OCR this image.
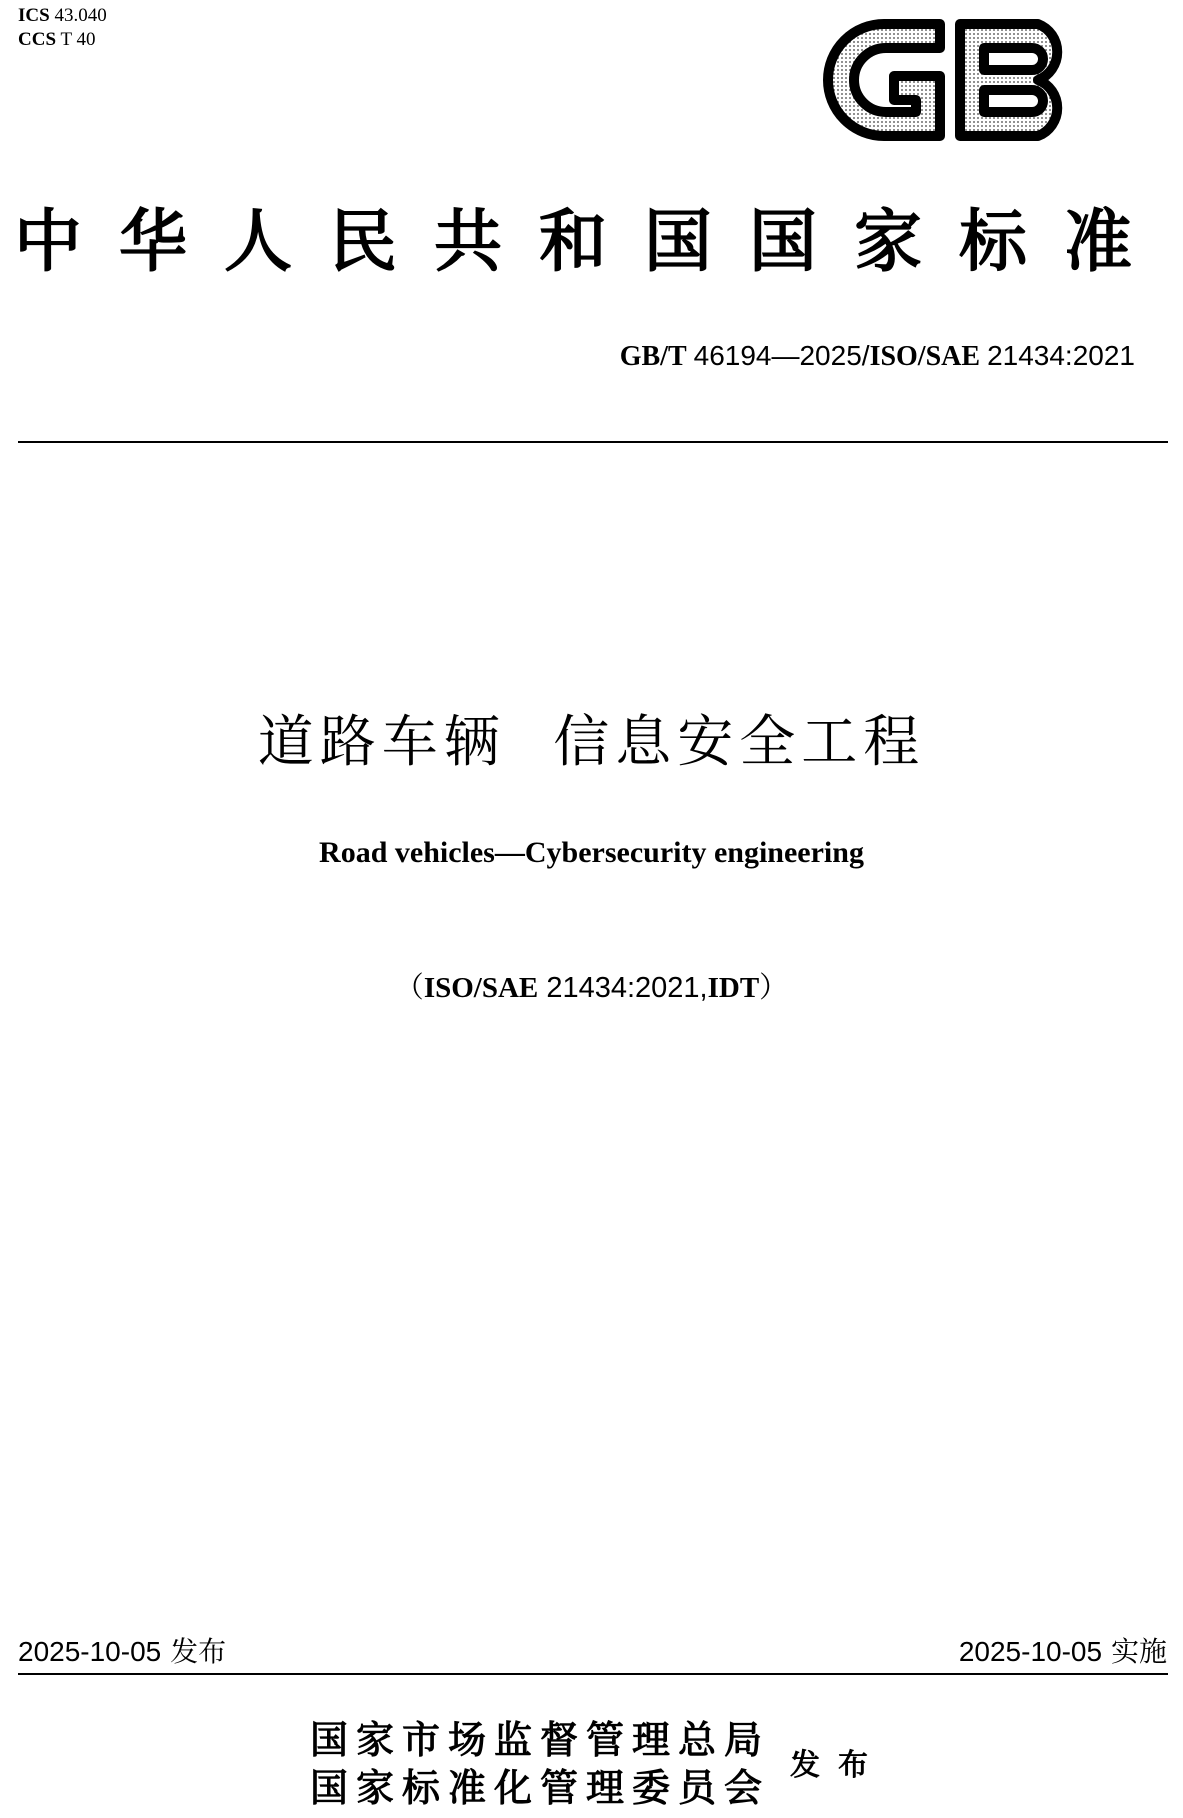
ICS 43.040
CCS T 40
中华人民共和国国家标准
GB/T 46194—2025/ISO/SAE 21434:2021
道路车辆  信息安全工程
Road vehicles—Cybersecurity engineering
（ISO/SAE 21434:2021,IDT）
2025-10-05 发布	2025-10-05 实施
国家市场监督管理总局
国家标准化管理委员会
发布
